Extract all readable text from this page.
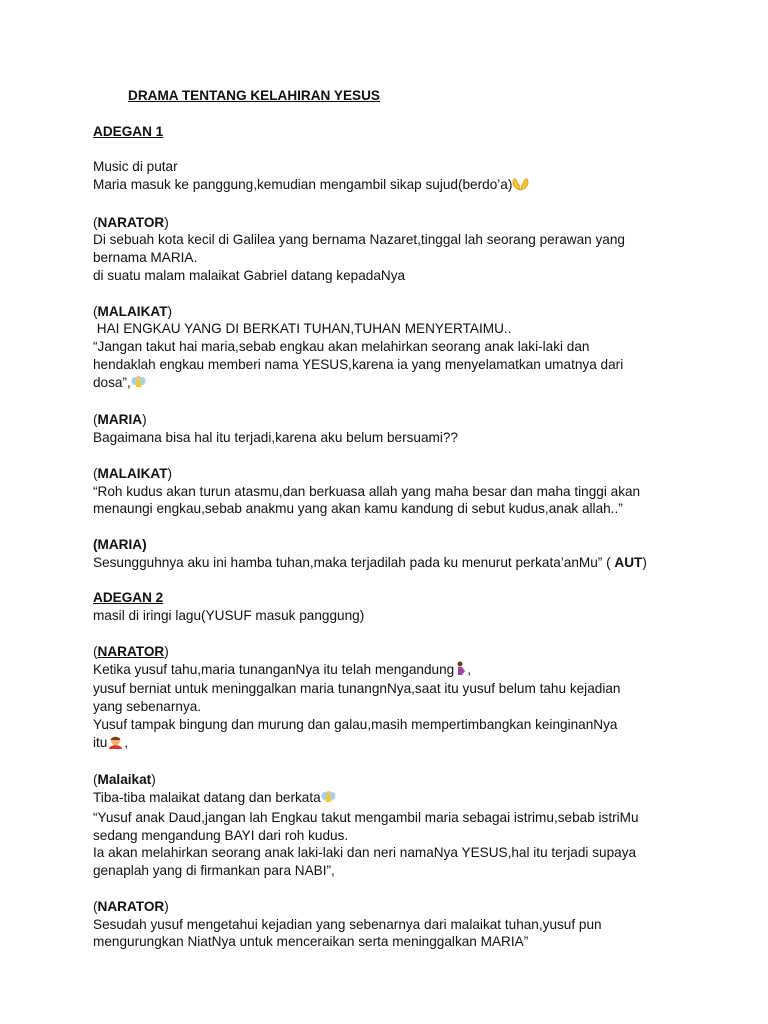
DRAMA TENTANG KELAHIRAN YESUS
ADEGAN 1
Music di putar
Maria masuk ke panggung,kemudian mengambil sikap sujud(berdo’a)
(NARATOR)
Di sebuah kota kecil di Galilea yang bernama Nazaret,tinggal lah seorang perawan yang
bernama MARIA.
di suatu malam malaikat Gabriel datang kepadaNya
(MALAIKAT)
HAI ENGKAU YANG DI BERKATI TUHAN,TUHAN MENYERTAIMU..
“Jangan takut hai maria,sebab engkau akan melahirkan seorang anak laki-laki dan
hendaklah engkau memberi nama YESUS,karena ia yang menyelamatkan umatnya dari
dosa”,
(MARIA)
Bagaimana bisa hal itu terjadi,karena aku belum bersuami??
(MALAIKAT)
“Roh kudus akan turun atasmu,dan berkuasa allah yang maha besar dan maha tinggi akan
menaungi engkau,sebab anakmu yang akan kamu kandung di sebut kudus,anak allah..”
(MARIA)
Sesungguhnya aku ini hamba tuhan,maka terjadilah pada ku menurut perkata’anMu” ( AUT)
ADEGAN 2
masil di iringi lagu(YUSUF masuk panggung)
(NARATOR)
Ketika yusuf tahu,maria tunanganNya itu telah mengandung ,
yusuf berniat untuk meninggalkan maria tunangnNya,saat itu yusuf belum tahu kejadian
yang sebenarnya.
Yusuf tampak bingung dan murung dan galau,masih mempertimbangkan keinginanNya
itu ,
(Malaikat)
Tiba-tiba malaikat datang dan berkata
“Yusuf anak Daud,jangan lah Engkau takut mengambil maria sebagai istrimu,sebab istriMu
sedang mengandung BAYI dari roh kudus.
Ia akan melahirkan seorang anak laki-laki dan neri namaNya YESUS,hal itu terjadi supaya
genaplah yang di firmankan para NABI”,
(NARATOR)
Sesudah yusuf mengetahui kejadian yang sebenarnya dari malaikat tuhan,yusuf pun
mengurungkan NiatNya untuk menceraikan serta meninggalkan MARIA”
